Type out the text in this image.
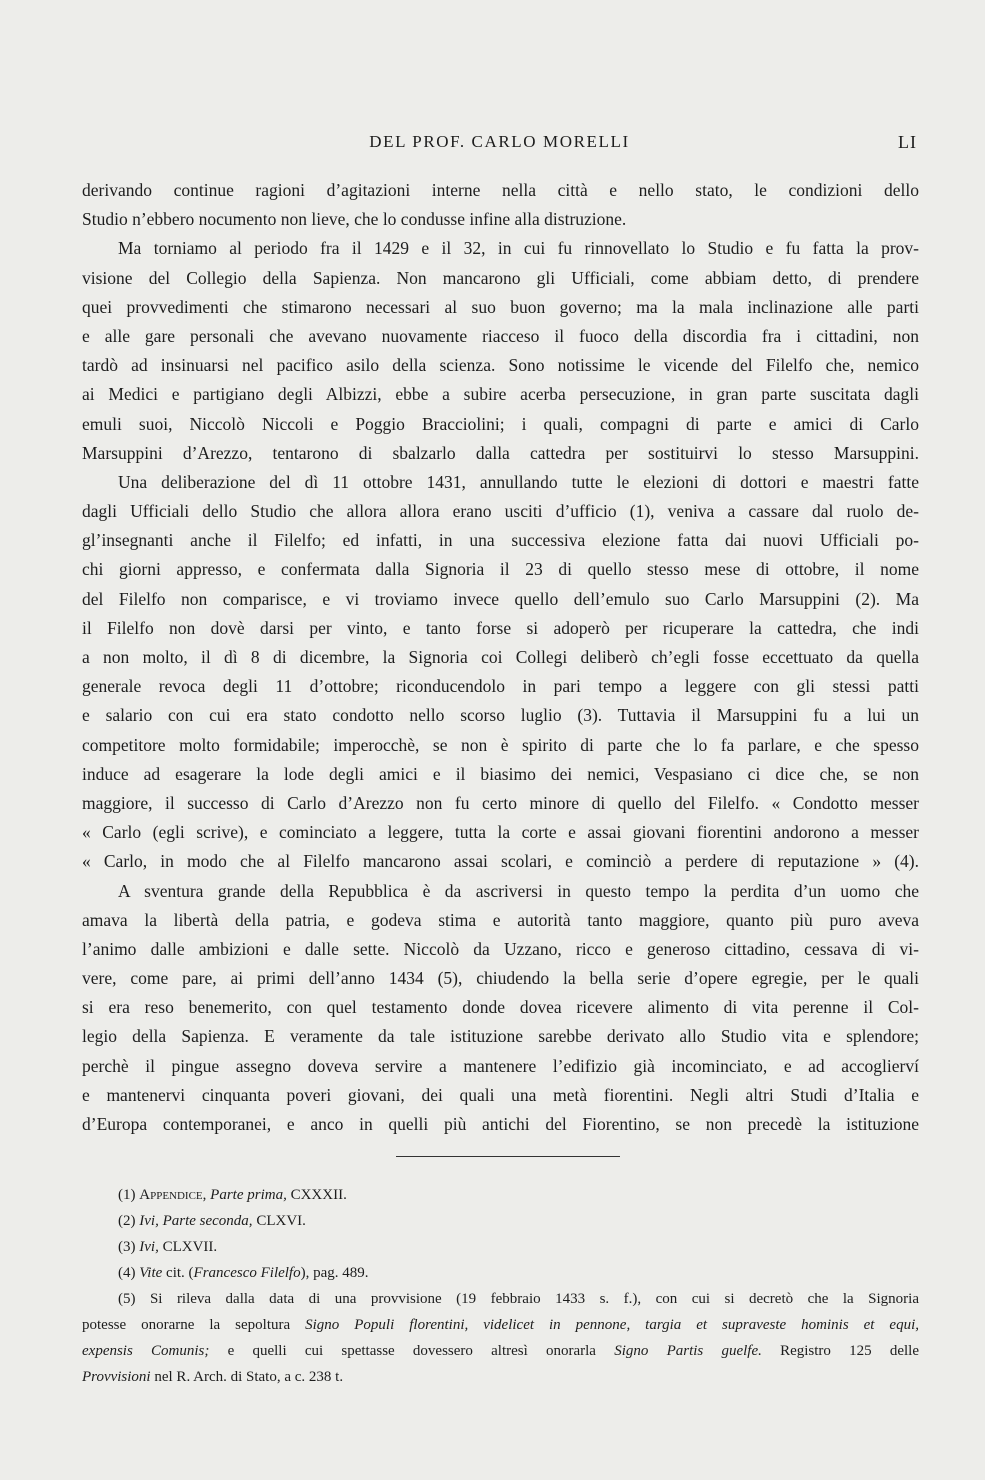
DEL PROF. CARLO MORELLI	LI
derivando continue ragioni d’agitazioni interne nella città e nello stato, le condizioni dello
Studio n’ebbero nocumento non lieve, che lo condusse infine alla distruzione.
Ma torniamo al periodo fra il 1429 e il 32, in cui fu rinnovellato lo Studio e fu fatta la prov-
visione del Collegio della Sapienza. Non mancarono gli Ufficiali, come abbiam detto, di prendere
quei provvedimenti che stimarono necessari al suo buon governo; ma la mala inclinazione alle parti
e alle gare personali che avevano nuovamente riacceso il fuoco della discordia fra i cittadini, non
tardò ad insinuarsi nel pacifico asilo della scienza. Sono notissime le vicende del Filelfo che, nemico
ai Medici e partigiano degli Albizzi, ebbe a subire acerba persecuzione, in gran parte suscitata dagli
emuli suoi, Niccolò Niccoli e Poggio Bracciolini; i quali, compagni di parte e amici di Carlo
Marsuppini d’Arezzo, tentarono di sbalzarlo dalla cattedra per sostituirvi lo stesso Marsuppini.
Una deliberazione del dì 11 ottobre 1431, annullando tutte le elezioni di dottori e maestri fatte
dagli Ufficiali dello Studio che allora allora erano usciti d’ufficio (1), veniva a cassare dal ruolo de-
gl’insegnanti anche il Filelfo; ed infatti, in una successiva elezione fatta dai nuovi Ufficiali po-
chi giorni appresso, e confermata dalla Signoria il 23 di quello stesso mese di ottobre, il nome
del Filelfo non comparisce, e vi troviamo invece quello dell’emulo suo Carlo Marsuppini (2). Ma
il Filelfo non dovè darsi per vinto, e tanto forse si adoperò per ricuperare la cattedra, che indi
a non molto, il dì 8 di dicembre, la Signoria coi Collegi deliberò ch’egli fosse eccettuato da quella
generale revoca degli 11 d’ottobre; riconducendolo in pari tempo a leggere con gli stessi patti
e salario con cui era stato condotto nello scorso luglio (3). Tuttavia il Marsuppini fu a lui un
competitore molto formidabile; imperocchè, se non è spirito di parte che lo fa parlare, e che spesso
induce ad esagerare la lode degli amici e il biasimo dei nemici, Vespasiano ci dice che, se non
maggiore, il successo di Carlo d’Arezzo non fu certo minore di quello del Filelfo. « Condotto messer
« Carlo (egli scrive), e cominciato a leggere, tutta la corte e assai giovani fiorentini andorono a messer
« Carlo, in modo che al Filelfo mancarono assai scolari, e cominciò a perdere di reputazione » (4).
A sventura grande della Repubblica è da ascriversi in questo tempo la perdita d’un uomo che
amava la libertà della patria, e godeva stima e autorità tanto maggiore, quanto più puro aveva
l’animo dalle ambizioni e dalle sette. Niccolò da Uzzano, ricco e generoso cittadino, cessava di vi-
vere, come pare, ai primi dell’anno 1434 (5), chiudendo la bella serie d’opere egregie, per le quali
si era reso benemerito, con quel testamento donde dovea ricevere alimento di vita perenne il Col-
legio della Sapienza. E veramente da tale istituzione sarebbe derivato allo Studio vita e splendore;
perchè il pingue assegno doveva servire a mantenere l’edifizio già incominciato, e ad accoglierví
e mantenervi cinquanta poveri giovani, dei quali una metà fiorentini. Negli altri Studi d’Italia e
d’Europa contemporanei, e anco in quelli più antichi del Fiorentino, se non precedè la istituzione
(1) Appendice, Parte prima, CXXXII.
(2) Ivi, Parte seconda, CLXVI.
(3) Ivi, CLXVII.
(4) Vite cit. (Francesco Filelfo), pag. 489.
(5) Si rileva dalla data di una provvisione (19 febbraio 1433 s. f.), con cui si decretò che la Signoria
potesse onorarne la sepoltura Signo Populi florentini, videlicet in pennone, targia et supraveste hominis et equi,
expensis Comunis; e quelli cui spettasse dovessero altresì onorarla Signo Partis guelfe. Registro 125 delle
Provvisioni nel R. Arch. di Stato, a c. 238 t.
